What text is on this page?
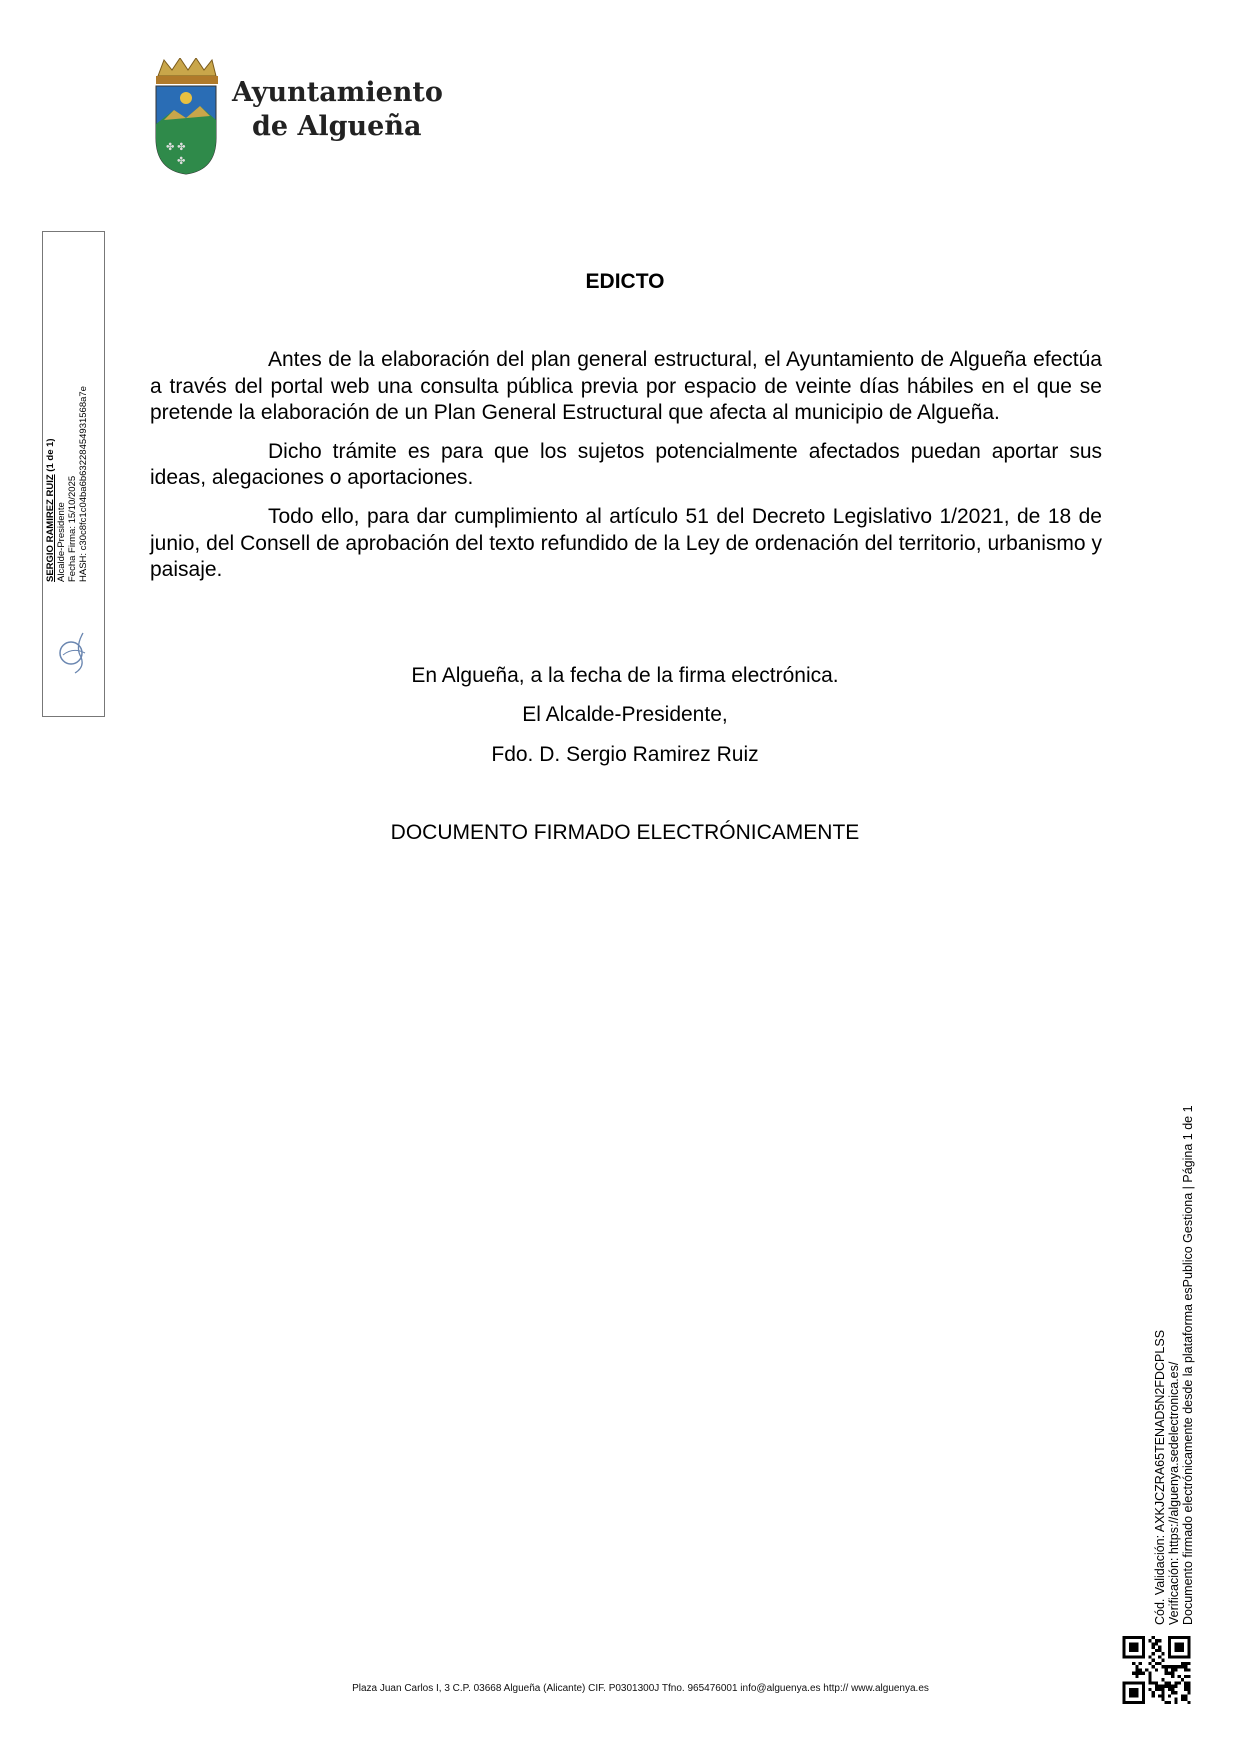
✤ ✤
✤
Ayuntamiento
de Algueña
SERGIO RAMIREZ RUIZ (1 de 1)
Alcalde-Presidente Fecha Firma: 15/10/2025 HASH: c30c8fc1c04ba6b63228454931568a7e
EDICTO

Antes de la elaboración del plan general estructural, el Ayuntamiento de Algueña efectúa a través del portal web una consulta pública previa por espacio de veinte días hábiles en el que se pretende la elaboración de un Plan General Estructural que afecta al municipio de Algueña.

Dicho trámite es para que los sujetos potencialmente afectados puedan aportar sus ideas, alegaciones o aportaciones.

Todo ello, para dar cumplimiento al artículo 51 del Decreto Legislativo 1/2021, de 18 de junio, del Consell de aprobación del texto refundido de la Ley de ordenación del territorio, urbanismo y paisaje.

En Algueña, a la fecha de la firma electrónica.
El Alcalde-Presidente,
Fdo. D. Sergio Ramirez Ruiz
DOCUMENTO FIRMADO ELECTRÓNICAMENTE
Cód. Validación: AXKJCZRA65TENAD5N2FDCPLSS Verificación: https://alguenya.sedelectronica.es/ Documento firmado electrónicamente desde la plataforma esPublico Gestiona | Página 1 de 1
Plaza Juan Carlos I, 3 C.P. 03668 Algueña (Alicante) CIF. P0301300J Tfno. 965476001 info@alguenya.es http:// www.alguenya.es
